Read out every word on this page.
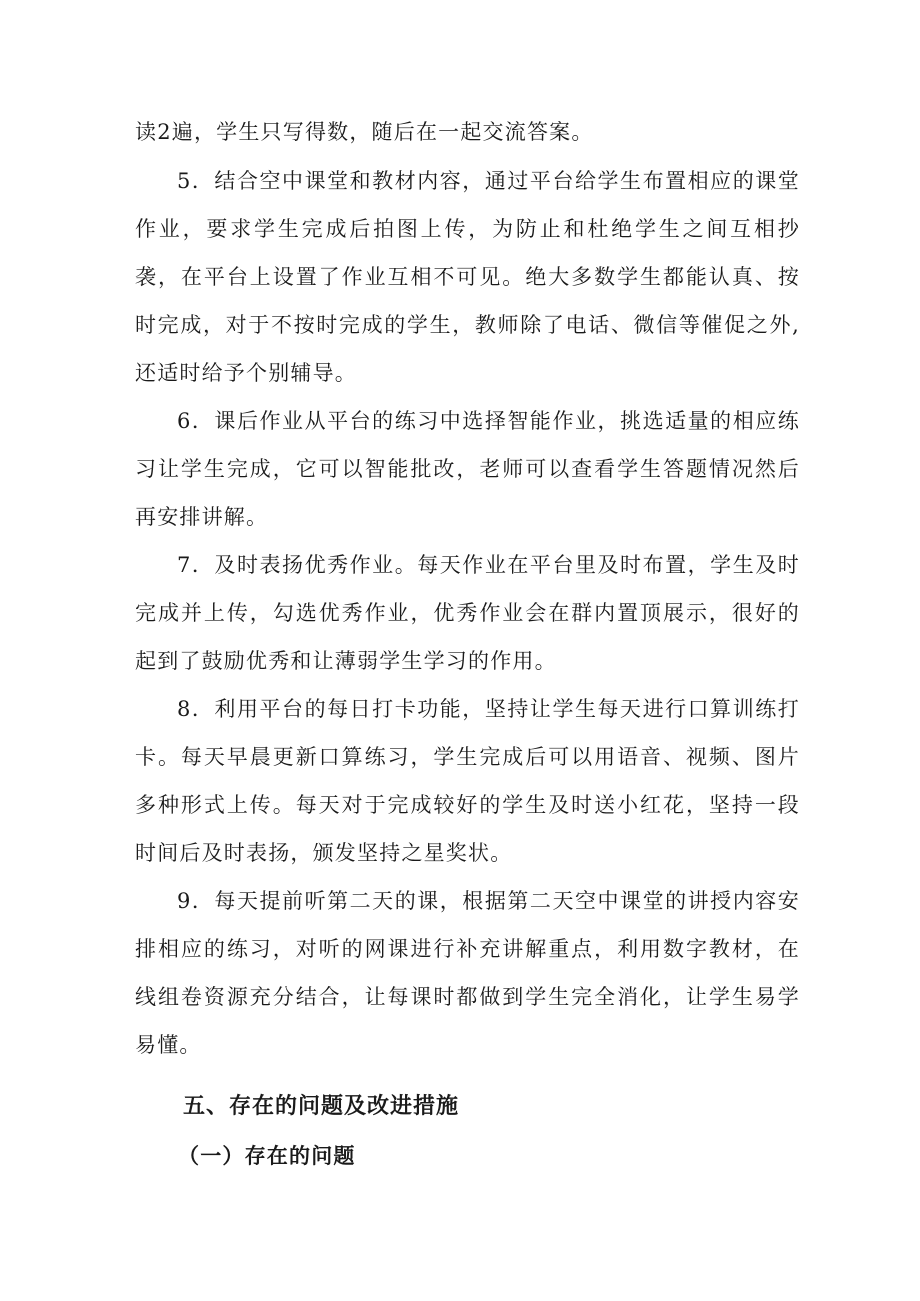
读2遍，学生只写得数，随后在一起交流答案。

5．结合空中课堂和教材内容，通过平台给学生布置相应的课堂作业，要求学生完成后拍图上传，为防止和杜绝学生之间互相抄袭，在平台上设置了作业互相不可见。绝大多数学生都能认真、按时完成，对于不按时完成的学生，教师除了电话、微信等催促之外,还适时给予个别辅导。

6．课后作业从平台的练习中选择智能作业，挑选适量的相应练习让学生完成，它可以智能批改，老师可以查看学生答题情况然后再安排讲解。

7．及时表扬优秀作业。每天作业在平台里及时布置，学生及时完成并上传，勾选优秀作业，优秀作业会在群内置顶展示，很好的起到了鼓励优秀和让薄弱学生学习的作用。

8．利用平台的每日打卡功能，坚持让学生每天进行口算训练打卡。每天早晨更新口算练习，学生完成后可以用语音、视频、图片多种形式上传。每天对于完成较好的学生及时送小红花，坚持一段时间后及时表扬，颁发坚持之星奖状。

9．每天提前听第二天的课，根据第二天空中课堂的讲授内容安排相应的练习，对听的网课进行补充讲解重点，利用数字教材，在线组卷资源充分结合，让每课时都做到学生完全消化，让学生易学易懂。

五、存在的问题及改进措施
（一）存在的问题
